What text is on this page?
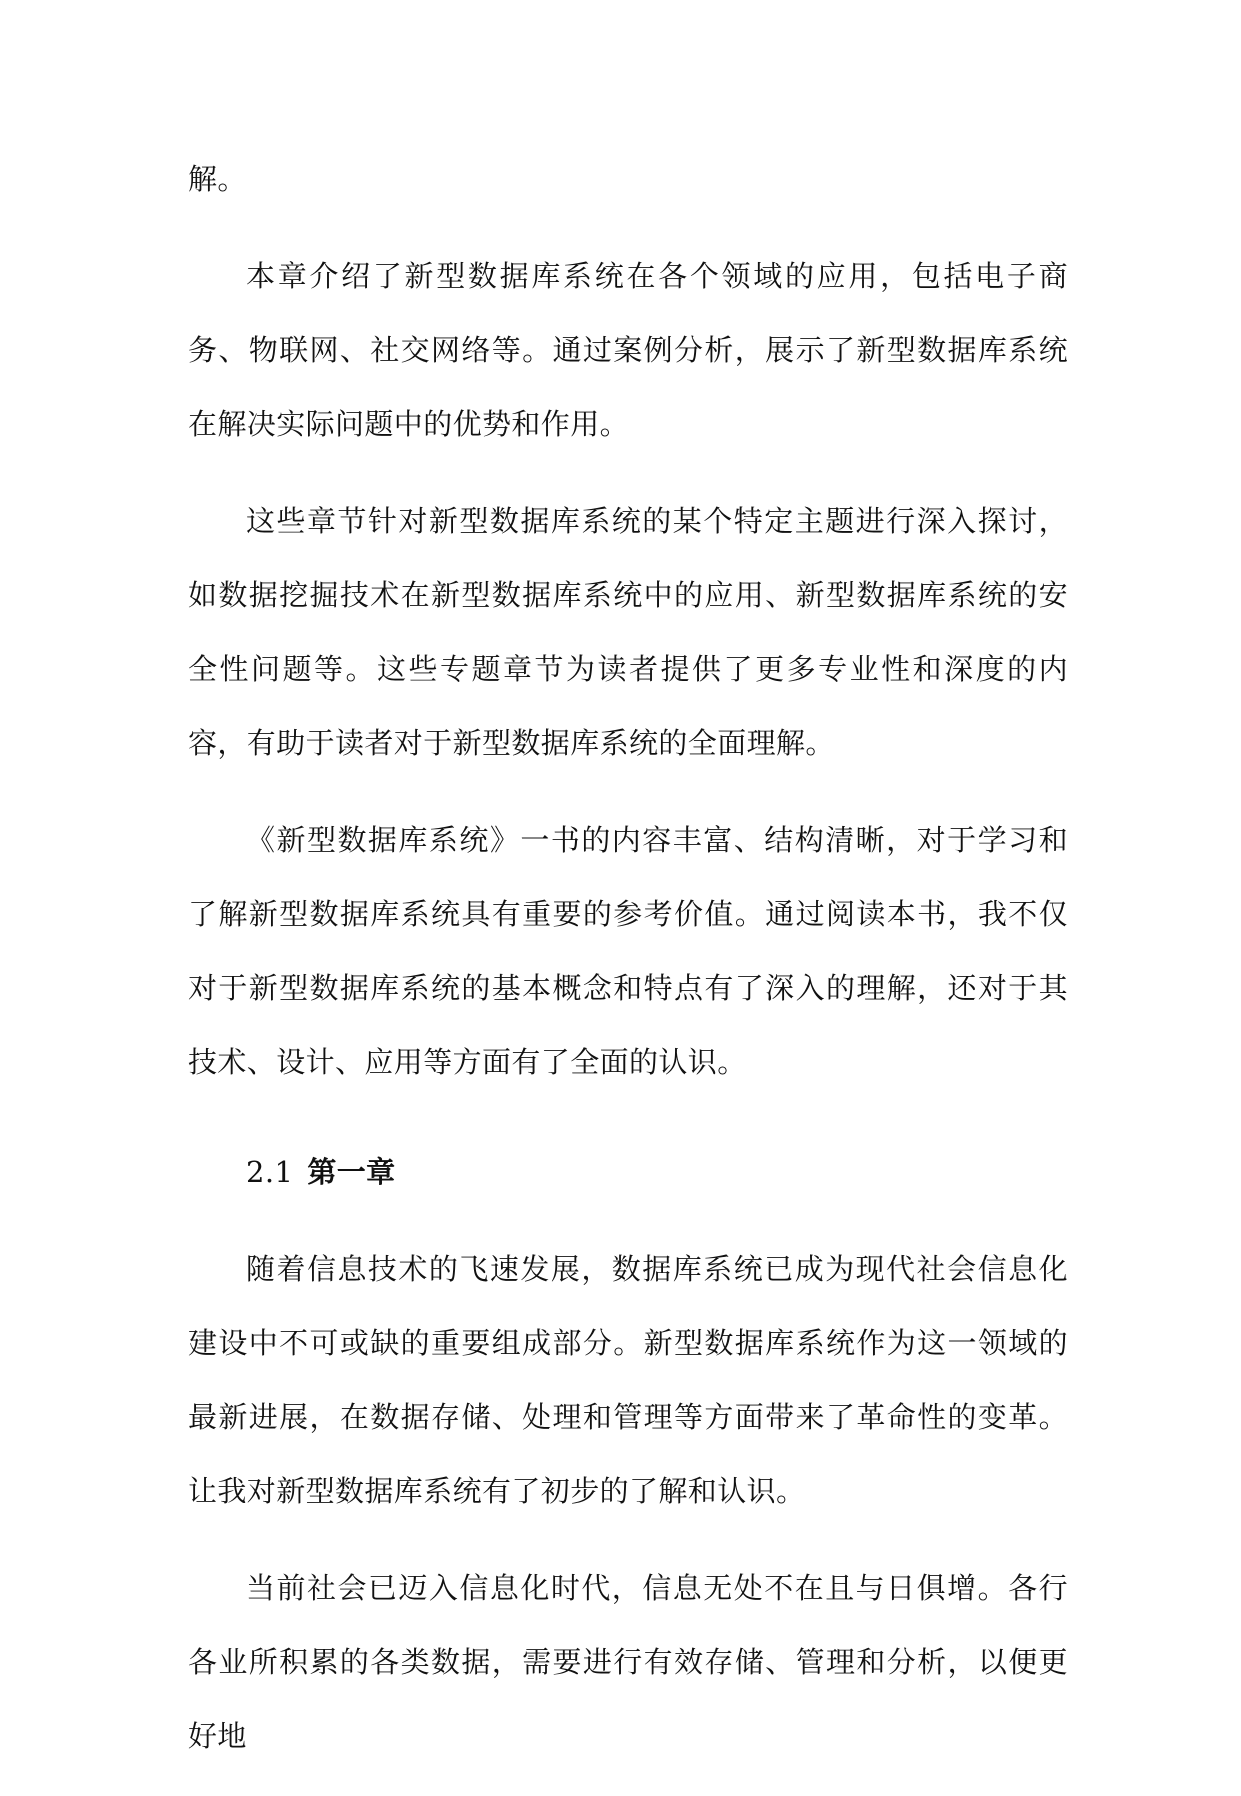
解。

本章介绍了新型数据库系统在各个领域的应用，包括电子商务、物联网、社交网络等。通过案例分析，展示了新型数据库系统在解决实际问题中的优势和作用。

这些章节针对新型数据库系统的某个特定主题进行深入探讨，如数据挖掘技术在新型数据库系统中的应用、新型数据库系统的安全性问题等。这些专题章节为读者提供了更多专业性和深度的内容，有助于读者对于新型数据库系统的全面理解。

《新型数据库系统》一书的内容丰富、结构清晰，对于学习和了解新型数据库系统具有重要的参考价值。通过阅读本书，我不仅对于新型数据库系统的基本概念和特点有了深入的理解，还对于其技术、设计、应用等方面有了全面的认识。

2.1 第一章

随着信息技术的飞速发展，数据库系统已成为现代社会信息化建设中不可或缺的重要组成部分。新型数据库系统作为这一领域的最新进展，在数据存储、处理和管理等方面带来了革命性的变革。让我对新型数据库系统有了初步的了解和认识。

当前社会已迈入信息化时代，信息无处不在且与日俱增。各行各业所积累的各类数据，需要进行有效存储、管理和分析，以便更好地
